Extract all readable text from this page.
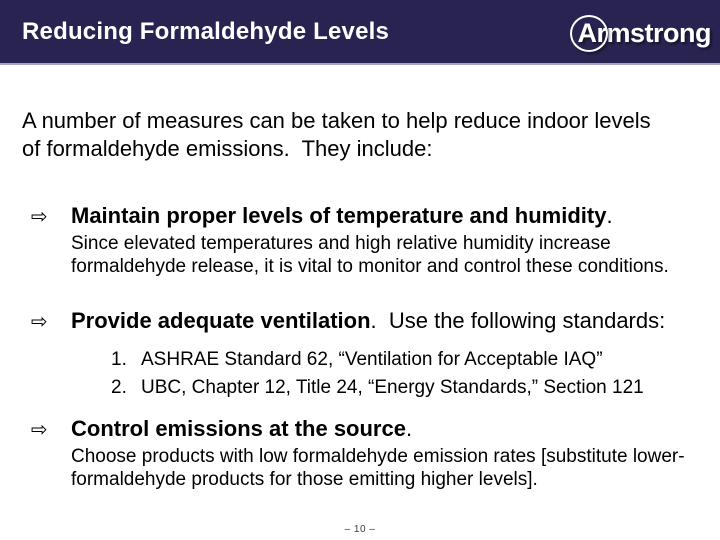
Reducing Formaldehyde Levels	Armstrong

A number of measures can be taken to help reduce indoor levels of formaldehyde emissions.  They include:

⇨	Maintain proper levels of temperature and humidity.

Since elevated temperatures and high relative humidity increase formaldehyde release, it is vital to monitor and control these conditions.

⇨	Provide adequate ventilation.  Use the following standards:

1. ASHRAE Standard 62, “Ventilation for Acceptable IAQ”
2. UBC, Chapter 12, Title 24, “Energy Standards,” Section 121
⇨	Control emissions at the source.

Choose products with low formaldehyde emission rates [substitute lower-formaldehyde products for those emitting higher levels].

– 10 –
